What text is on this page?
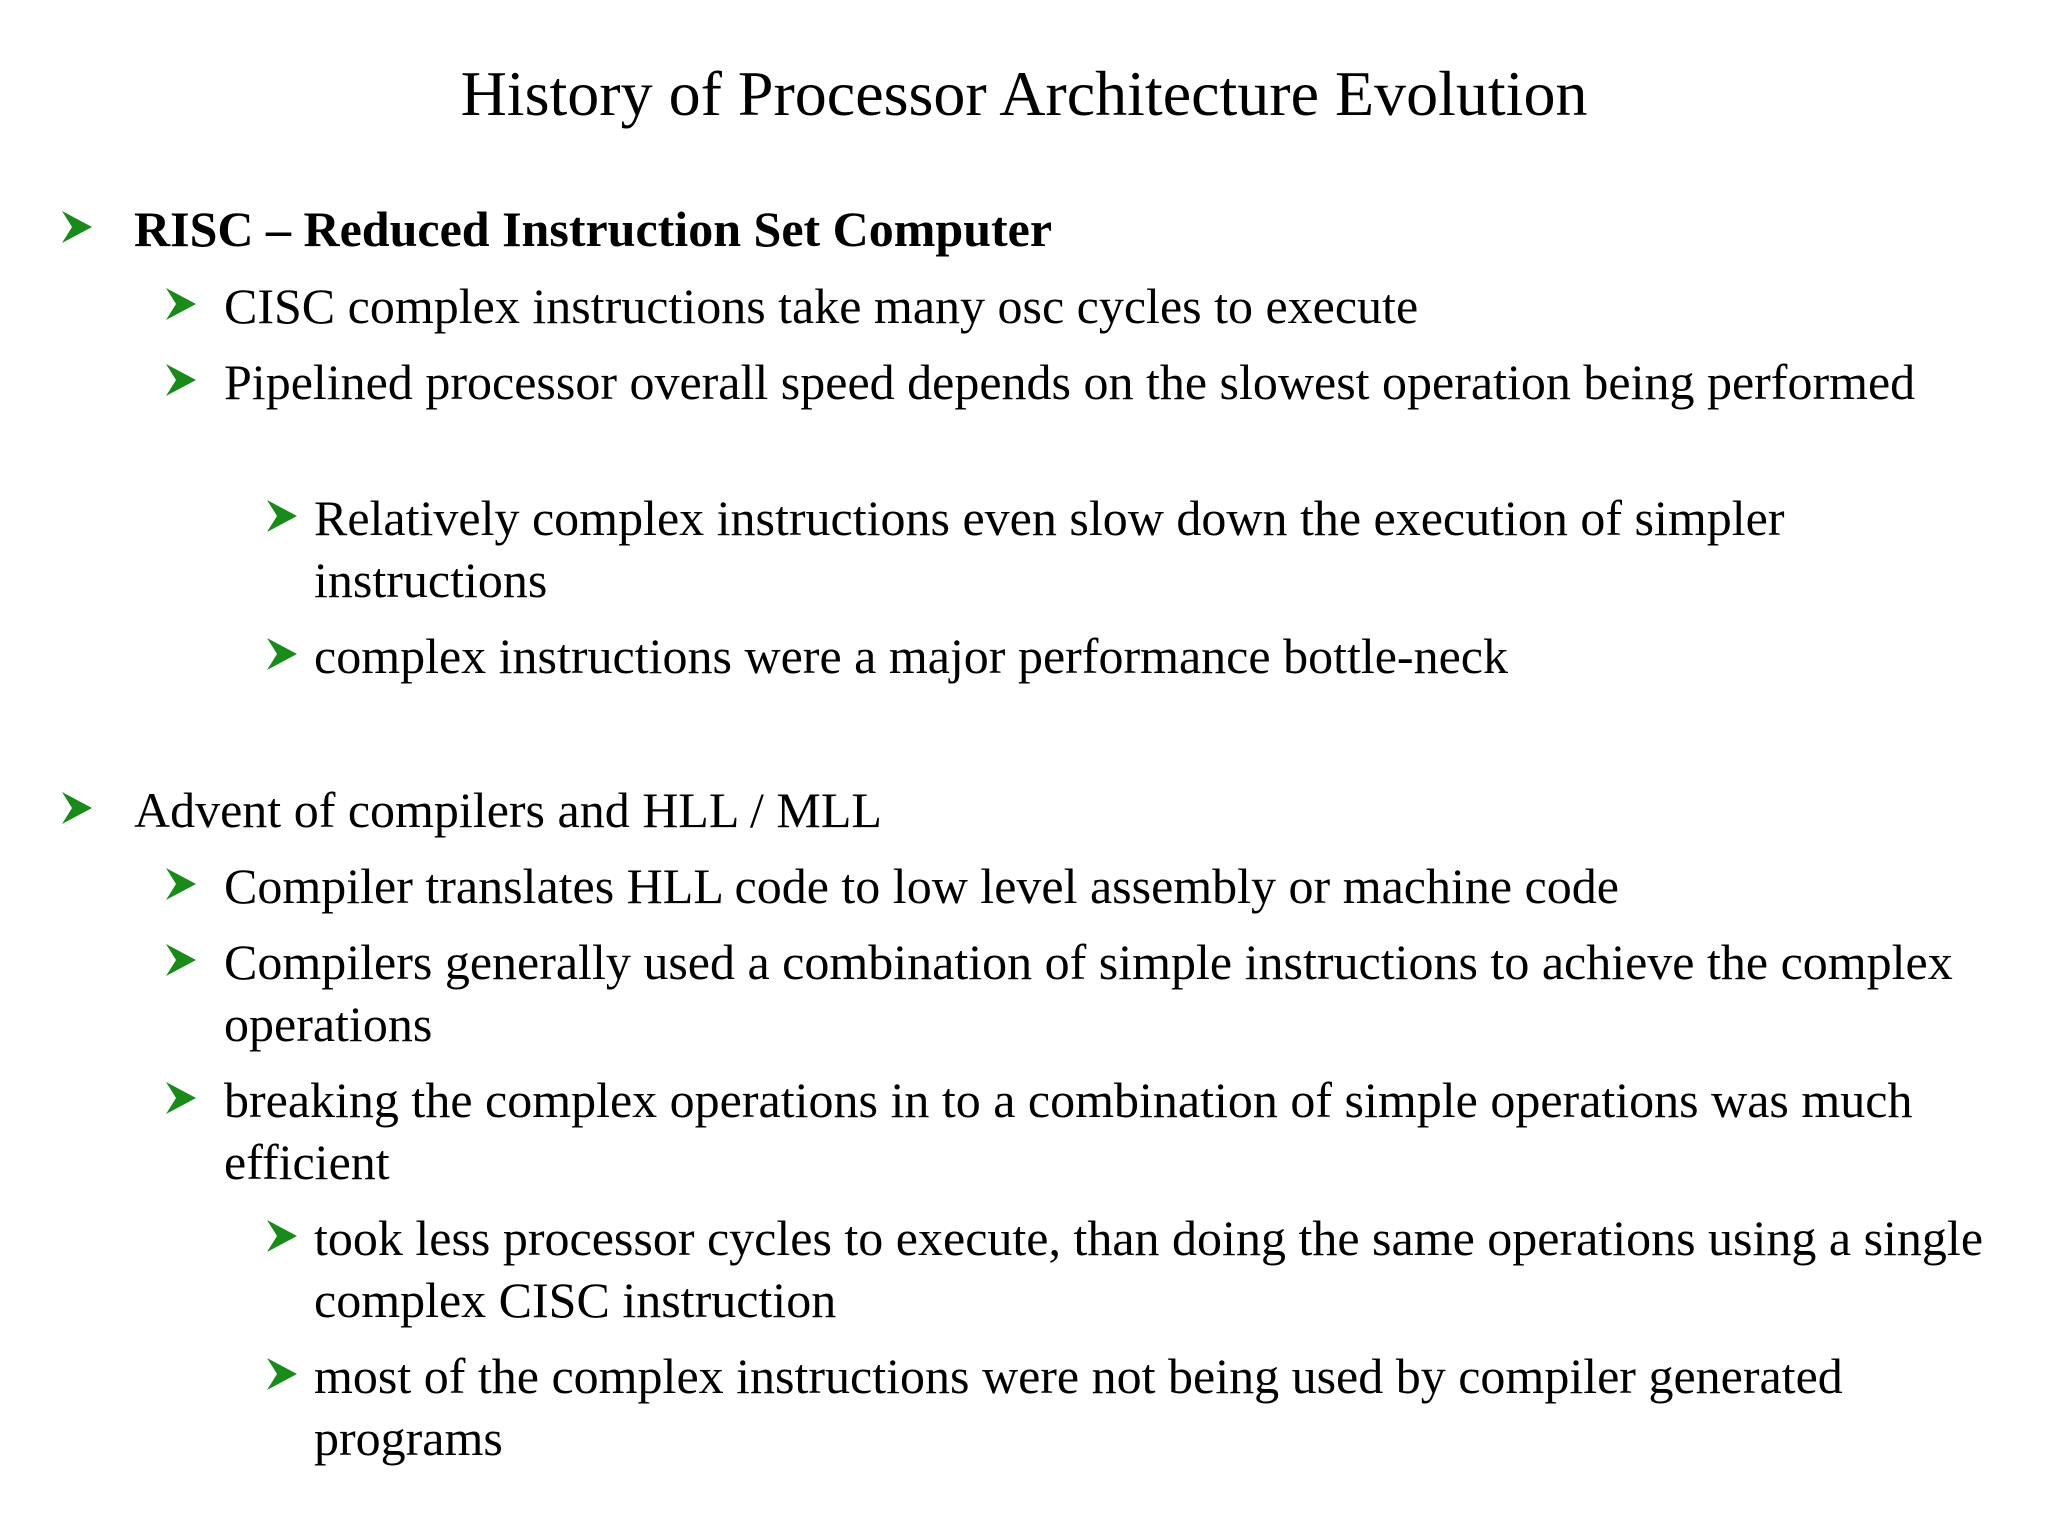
History of Processor Architecture Evolution

RISC – Reduced Instruction Set Computer

CISC complex instructions take many osc cycles to execute

Pipelined processor overall speed depends on the slowest operation being performed

Relatively complex instructions even slow down the execution of simpler instructions

complex instructions were a major performance bottle-neck

Advent of compilers and HLL / MLL

Compiler translates HLL code to low level assembly or machine code

Compilers generally used a combination of simple instructions to achieve the complex operations

breaking the complex operations in to a combination of simple operations was much efficient

took less processor cycles to execute, than doing the same operations using a single complex CISC instruction

most of the complex instructions were not being used by compiler generated programs
